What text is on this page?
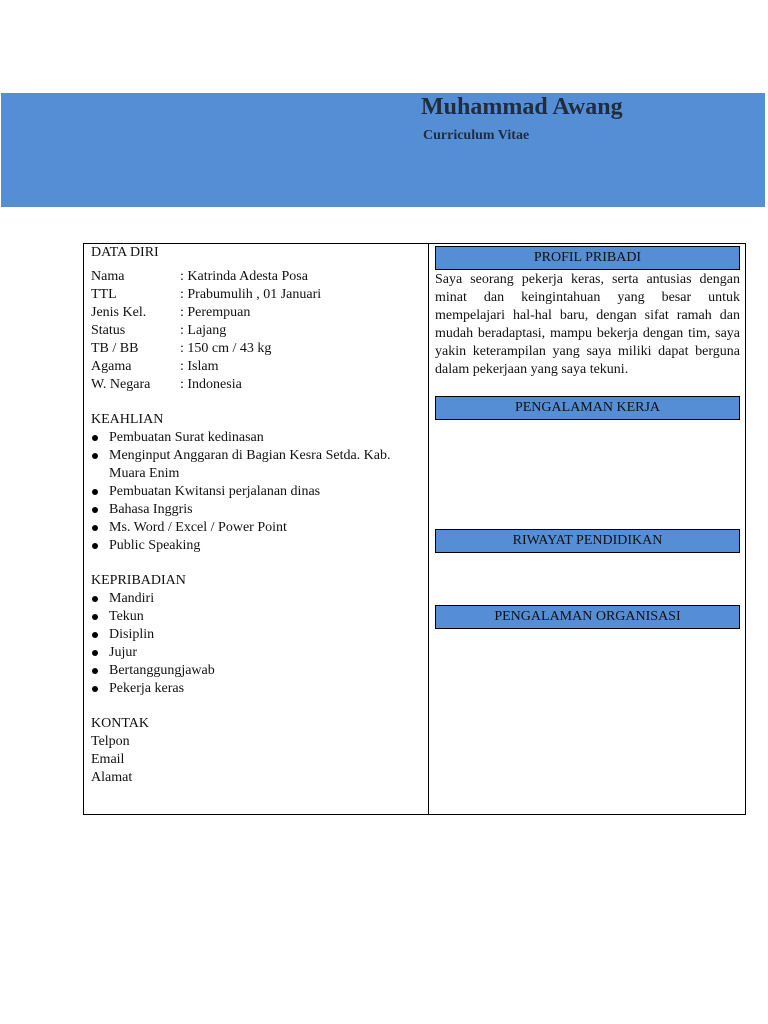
Muhammad Awang
Curriculum Vitae
DATA DIRI
Nama	: Katrinda Adesta Posa
TTL	: Prabumulih , 01 Januari
Jenis Kel.	: Perempuan
Status	: Lajang
TB / BB	: 150 cm / 43 kg
Agama	: Islam
W. Negara	: Indonesia
KEAHLIAN
Pembuatan Surat kedinasan
Menginput Anggaran di Bagian Kesra Setda. Kab. Muara Enim
Pembuatan Kwitansi perjalanan dinas
Bahasa Inggris
Ms. Word / Excel / Power Point
Public Speaking
KEPRIBADIAN
Mandiri
Tekun
Disiplin
Jujur
Bertanggungjawab
Pekerja keras
KONTAK
Telpon
Email
Alamat
PROFIL PRIBADI
Saya seorang pekerja keras, serta antusias dengan minat dan keingintahuan yang besar untuk mempelajari hal-hal baru, dengan sifat ramah dan mudah beradaptasi, mampu bekerja dengan tim, saya yakin keterampilan yang saya miliki dapat berguna dalam pekerjaan yang saya tekuni.
PENGALAMAN KERJA
RIWAYAT PENDIDIKAN
PENGALAMAN ORGANISASI
